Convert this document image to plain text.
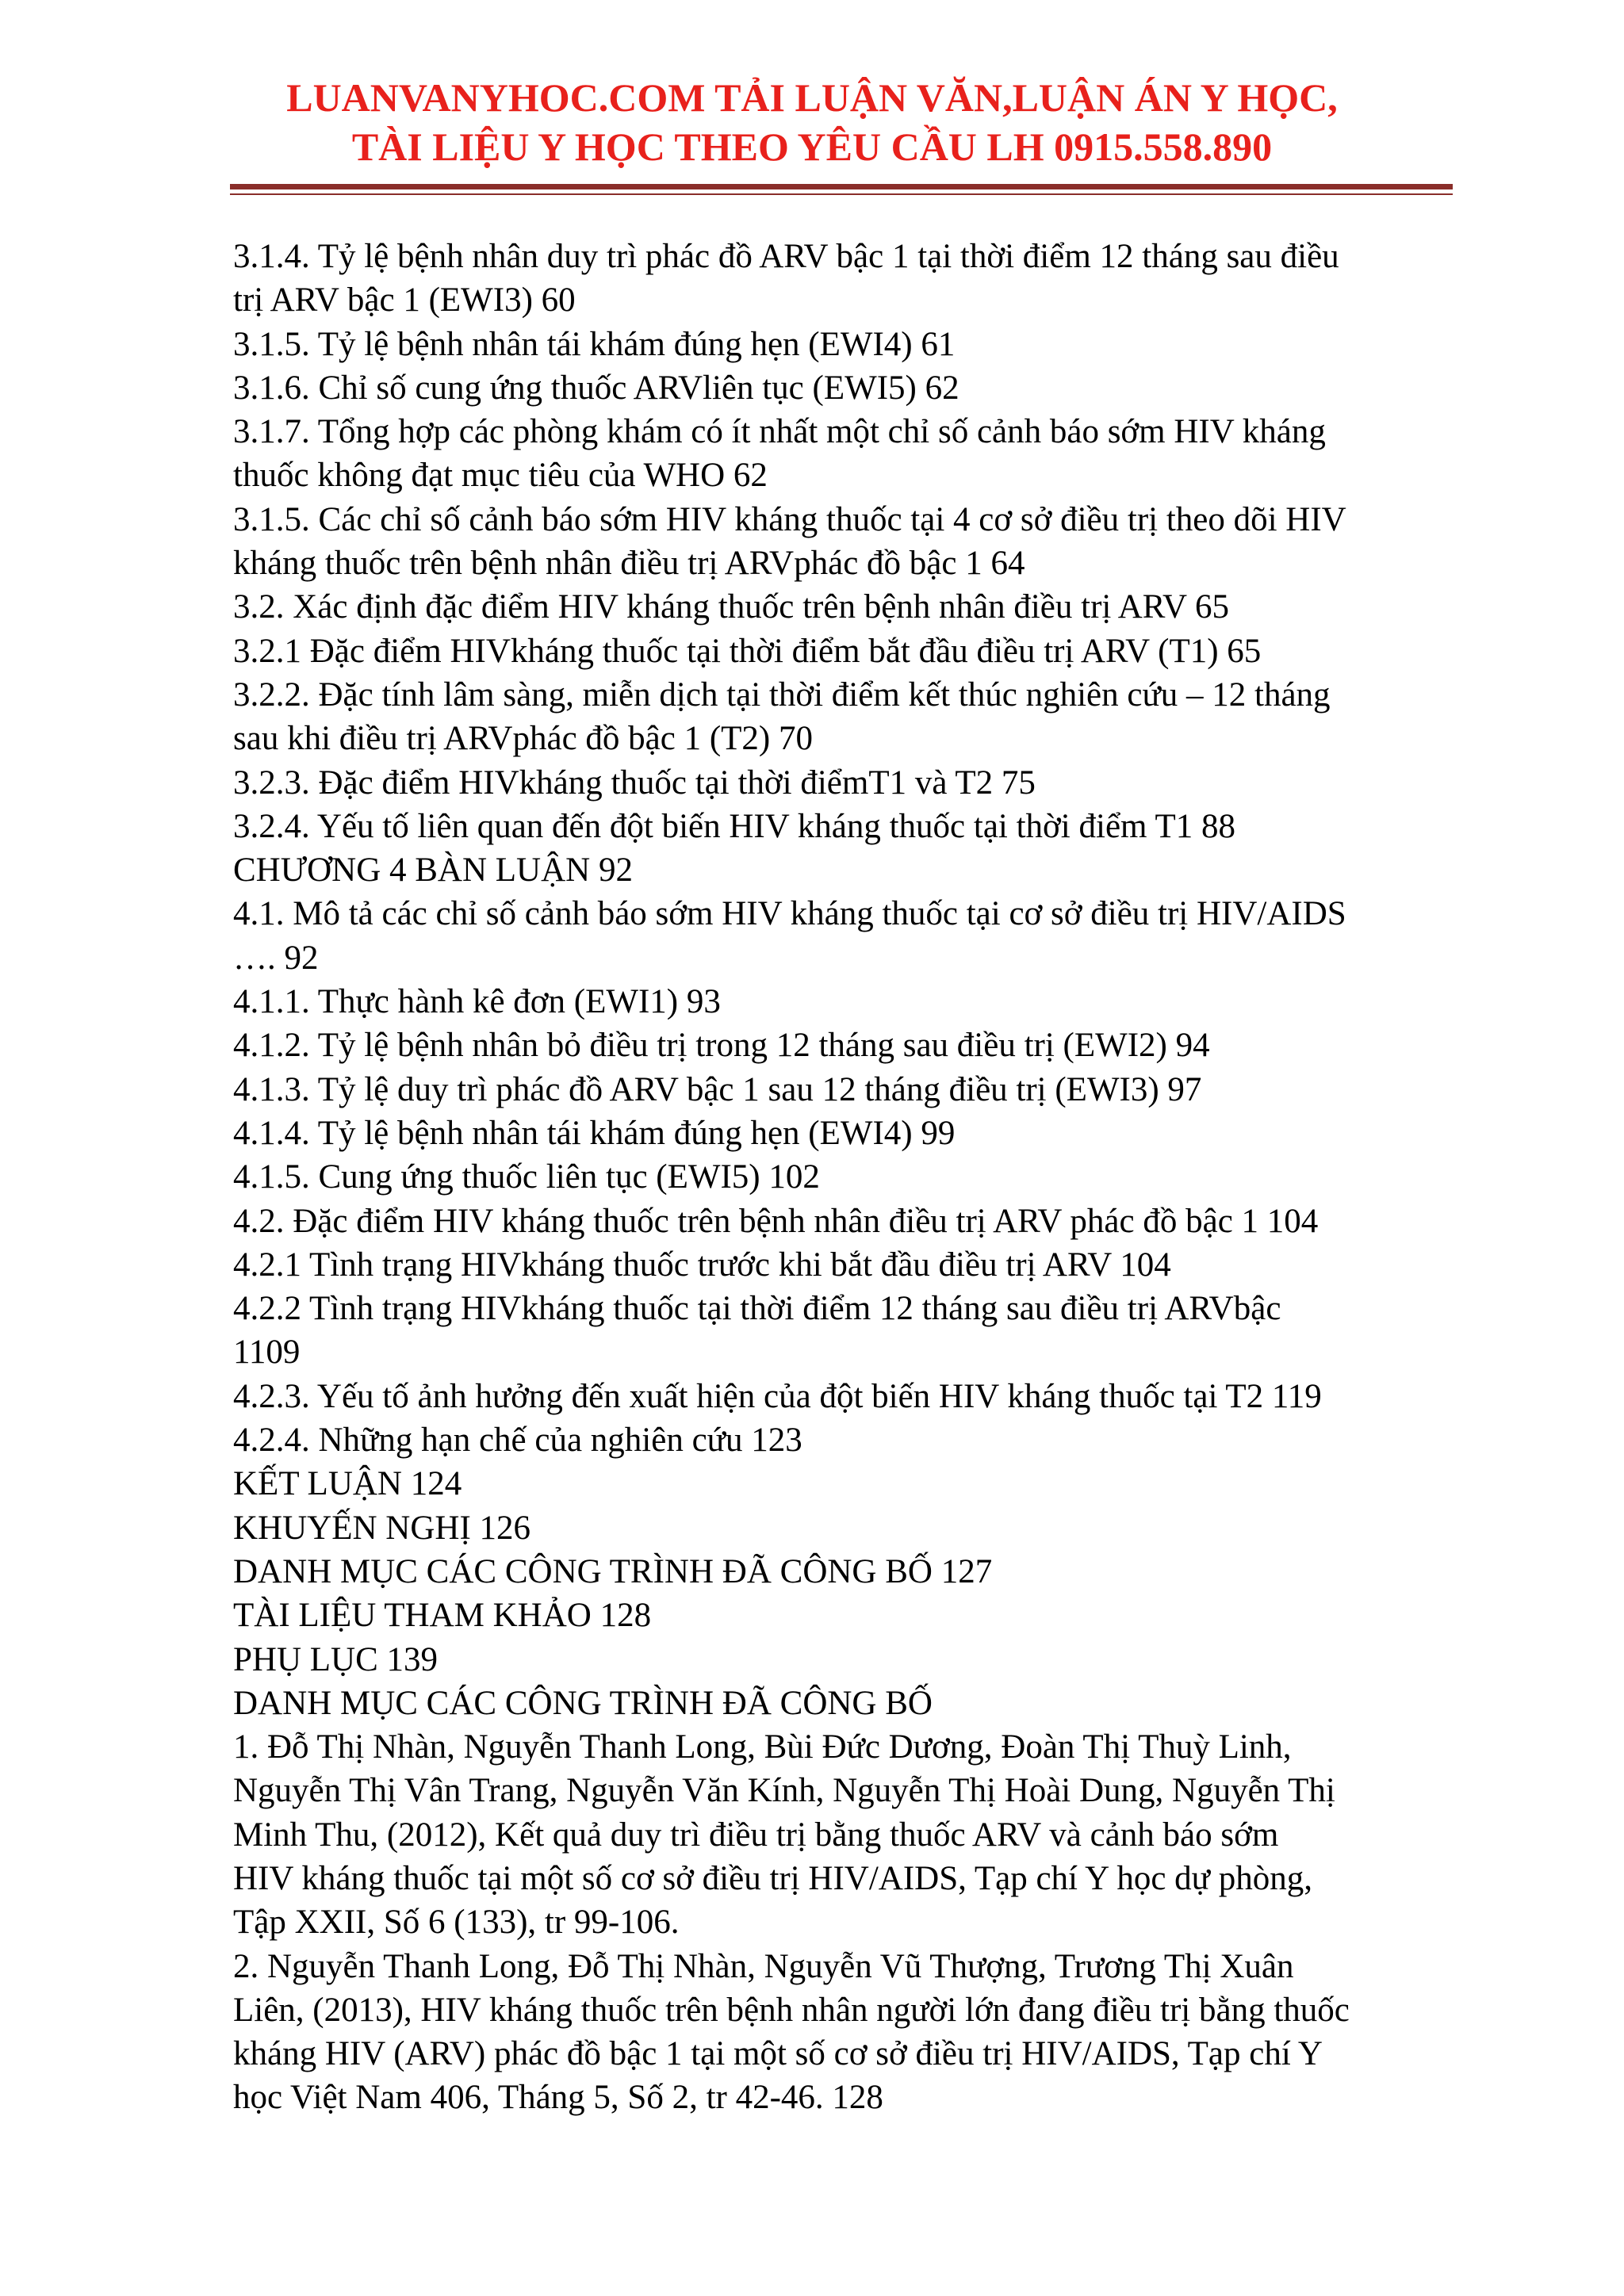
LUANVANYHOC.COM TẢI LUẬN VĂN,LUẬN ÁN Y HỌC,
TÀI LIỆU Y HỌC THEO YÊU CẦU LH 0915.558.890
3.1.4. Tỷ lệ bệnh nhân duy trì phác đồ ARV bậc 1 tại thời điểm 12 tháng sau điều
trị ARV bậc 1 (EWI3) 60
3.1.5. Tỷ lệ bệnh nhân tái khám đúng hẹn (EWI4) 61
3.1.6. Chỉ số cung ứng thuốc ARVliên tục (EWI5) 62
3.1.7. Tổng hợp các phòng khám có ít nhất một chỉ số cảnh báo sớm HIV kháng
thuốc không đạt mục tiêu của WHO 62
3.1.5. Các chỉ số cảnh báo sớm HIV kháng thuốc tại 4 cơ sở điều trị theo dõi HIV
kháng thuốc trên bệnh nhân điều trị ARVphác đồ bậc 1 64
3.2. Xác định đặc điểm HIV kháng thuốc trên bệnh nhân điều trị ARV 65
3.2.1 Đặc điểm HIVkháng thuốc tại thời điểm bắt đầu điều trị ARV (T1) 65
3.2.2. Đặc tính lâm sàng, miễn dịch tại thời điểm kết thúc nghiên cứu – 12 tháng
sau khi điều trị ARVphác đồ bậc 1 (T2) 70
3.2.3. Đặc điểm HIVkháng thuốc tại thời điểmT1 và T2 75
3.2.4. Yếu tố liên quan đến đột biến HIV kháng thuốc tại thời điểm T1 88
CHƯƠNG 4 BÀN LUẬN 92
4.1. Mô tả các chỉ số cảnh báo sớm HIV kháng thuốc tại cơ sở điều trị HIV/AIDS
…. 92
4.1.1. Thực hành kê đơn (EWI1) 93
4.1.2. Tỷ lệ bệnh nhân bỏ điều trị trong 12 tháng sau điều trị (EWI2) 94
4.1.3. Tỷ lệ duy trì phác đồ ARV bậc 1 sau 12 tháng điều trị (EWI3) 97
4.1.4. Tỷ lệ bệnh nhân tái khám đúng hẹn (EWI4) 99
4.1.5. Cung ứng thuốc liên tục (EWI5) 102
4.2. Đặc điểm HIV kháng thuốc trên bệnh nhân điều trị ARV phác đồ bậc 1 104
4.2.1 Tình trạng HIVkháng thuốc trước khi bắt đầu điều trị ARV 104
4.2.2 Tình trạng HIVkháng thuốc tại thời điểm 12 tháng sau điều trị ARVbậc
1109
4.2.3. Yếu tố ảnh hưởng đến xuất hiện của đột biến HIV kháng thuốc tại T2 119
4.2.4. Những hạn chế của nghiên cứu 123
KẾT LUẬN 124
KHUYẾN NGHỊ 126
DANH MỤC CÁC CÔNG TRÌNH ĐÃ CÔNG BỐ 127
TÀI LIỆU THAM KHẢO 128
PHỤ LỤC 139
DANH MỤC CÁC CÔNG TRÌNH ĐÃ CÔNG BỐ
1. Đỗ Thị Nhàn, Nguyễn Thanh Long, Bùi Đức Dương, Đoàn Thị Thuỳ Linh,
Nguyễn Thị Vân Trang, Nguyễn Văn Kính, Nguyễn Thị Hoài Dung, Nguyễn Thị
Minh Thu, (2012), Kết quả duy trì điều trị bằng thuốc ARV và cảnh báo sớm
HIV kháng thuốc tại một số cơ sở điều trị HIV/AIDS, Tạp chí Y học dự phòng,
Tập XXII, Số 6 (133), tr 99-106.
2. Nguyễn Thanh Long, Đỗ Thị Nhàn, Nguyễn Vũ Thượng, Trương Thị Xuân
Liên, (2013), HIV kháng thuốc trên bệnh nhân người lớn đang điều trị bằng thuốc
kháng HIV (ARV) phác đồ bậc 1 tại một số cơ sở điều trị HIV/AIDS, Tạp chí Y
học Việt Nam 406, Tháng 5, Số 2, tr 42-46. 128
